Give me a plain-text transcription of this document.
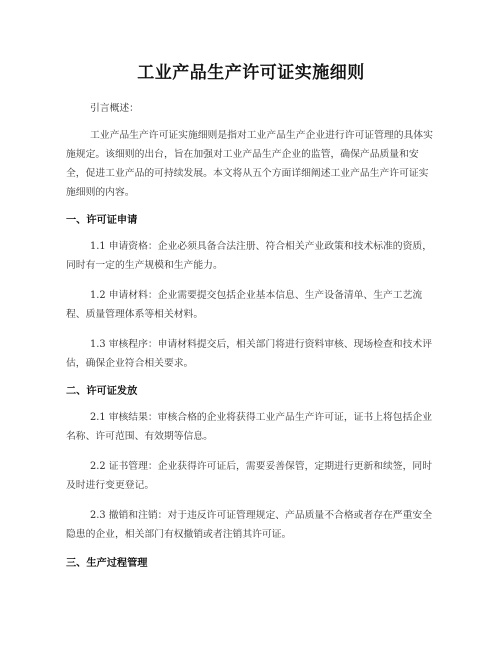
工业产品生产许可证实施细则

引言概述：

工业产品生产许可证实施细则是指对工业产品生产企业进行许可证管理的具体实施规定。该细则的出台，旨在加强对工业产品生产企业的监管，确保产品质量和安全，促进工业产品的可持续发展。本文将从五个方面详细阐述工业产品生产许可证实施细则的内容。

一、许可证申请

1.1 申请资格：企业必须具备合法注册、符合相关产业政策和技术标准的资质，同时有一定的生产规模和生产能力。

1.2 申请材料：企业需要提交包括企业基本信息、生产设备清单、生产工艺流程、质量管理体系等相关材料。

1.3 审核程序：申请材料提交后，相关部门将进行资料审核、现场检查和技术评估，确保企业符合相关要求。

二、许可证发放

2.1 审核结果：审核合格的企业将获得工业产品生产许可证，证书上将包括企业名称、许可范围、有效期等信息。

2.2 证书管理：企业获得许可证后，需要妥善保管，定期进行更新和续签，同时及时进行变更登记。

2.3 撤销和注销：对于违反许可证管理规定、产品质量不合格或者存在严重安全隐患的企业，相关部门有权撤销或者注销其许可证。

三、生产过程管理
